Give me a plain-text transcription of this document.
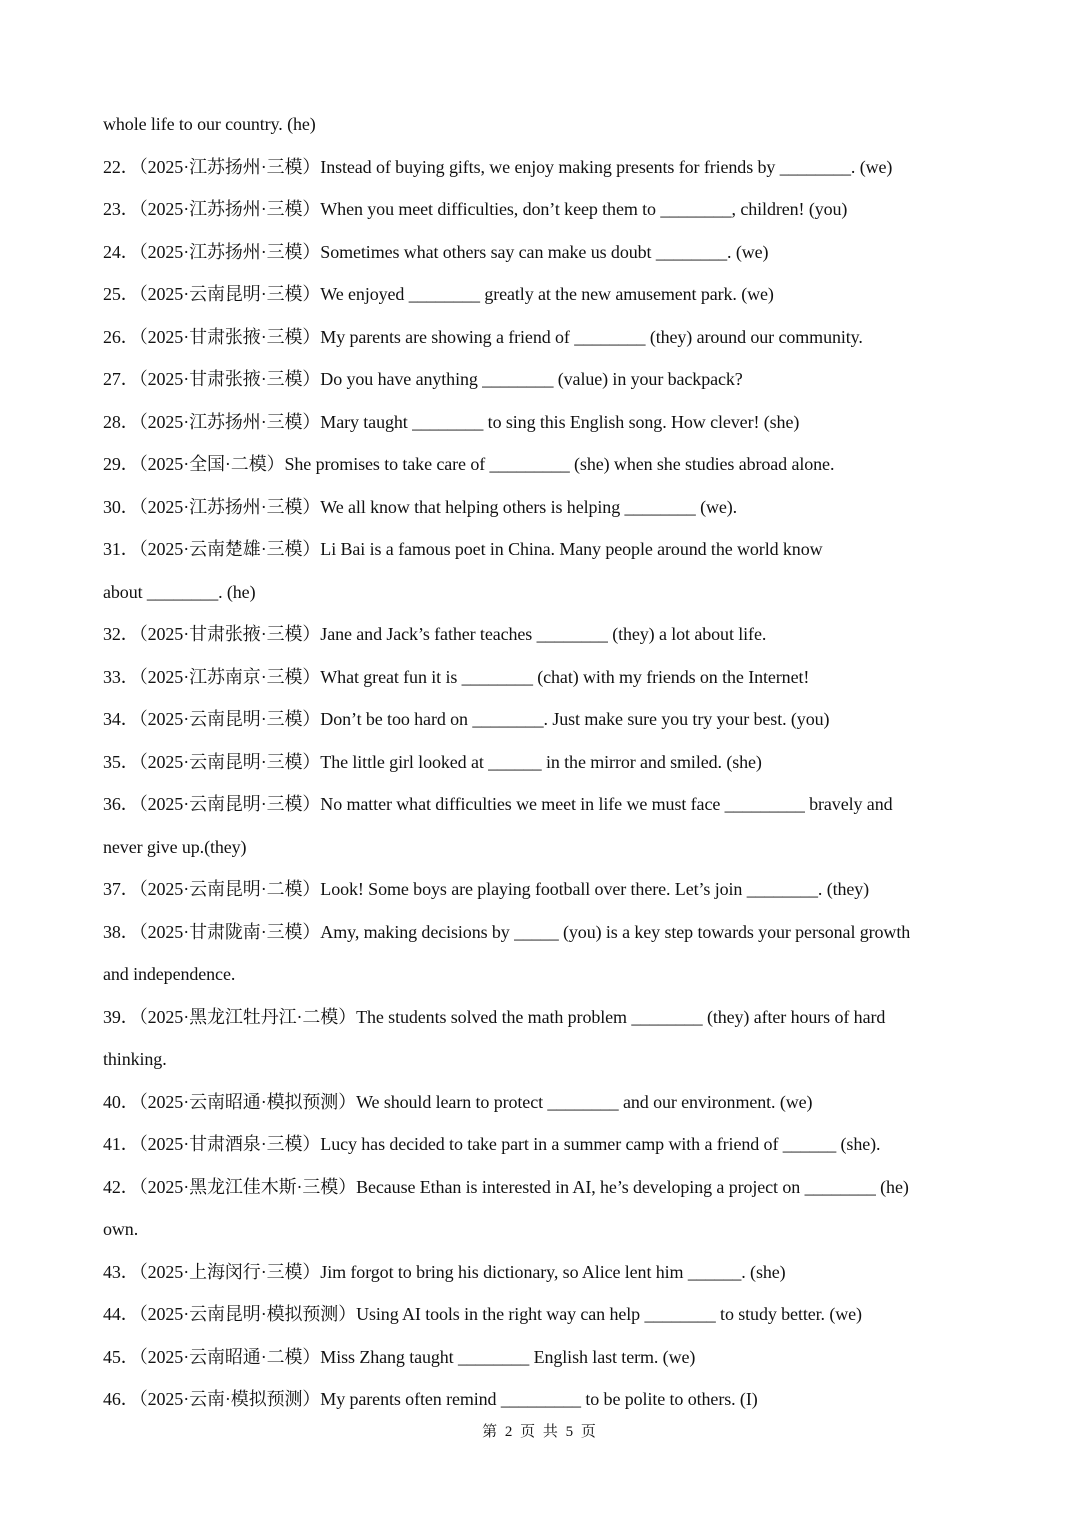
whole life to our country. (he)
22．（2025·江苏扬州·三模）Instead of buying gifts, we enjoy making presents for friends by ________. (we)
23．（2025·江苏扬州·三模）When you meet difficulties, don’t keep them to ________, children! (you)
24．（2025·江苏扬州·三模）Sometimes what others say can make us doubt ________. (we)
25．（2025·云南昆明·三模）We enjoyed ________ greatly at the new amusement park. (we)
26．（2025·甘肃张掖·三模）My parents are showing a friend of ________ (they) around our community.
27．（2025·甘肃张掖·三模）Do you have anything ________ (value) in your backpack?
28．（2025·江苏扬州·三模）Mary taught ________ to sing this English song. How clever! (she)
29．（2025·全国·二模）She promises to take care of _________ (she) when she studies abroad alone.
30．（2025·江苏扬州·三模）We all know that helping others is helping ________ (we).
31．（2025·云南楚雄·三模）Li Bai is a famous poet in China. Many people around the world know
about ________. (he)
32．（2025·甘肃张掖·三模）Jane and Jack’s father teaches ________ (they) a lot about life.
33．（2025·江苏南京·三模）What great fun it is ________ (chat) with my friends on the Internet!
34．（2025·云南昆明·三模）Don’t be too hard on ________. Just make sure you try your best. (you)
35．（2025·云南昆明·三模）The little girl looked at ______ in the mirror and smiled. (she)
36．（2025·云南昆明·三模）No matter what difficulties we meet in life we must face _________ bravely and
never give up.(they)
37．（2025·云南昆明·二模）Look! Some boys are playing football over there. Let’s join ________. (they)
38．（2025·甘肃陇南·三模）Amy, making decisions by _____ (you) is a key step towards your personal growth
and independence.
39．（2025·黑龙江牡丹江·二模）The students solved the math problem ________ (they) after hours of hard
thinking.
40．（2025·云南昭通·模拟预测）We should learn to protect ________ and our environment. (we)
41．（2025·甘肃酒泉·三模）Lucy has decided to take part in a summer camp with a friend of ______ (she).
42．（2025·黑龙江佳木斯·三模）Because Ethan is interested in AI, he’s developing a project on ________ (he)
own.
43．（2025·上海闵行·三模）Jim forgot to bring his dictionary, so Alice lent him ______. (she)
44．（2025·云南昆明·模拟预测）Using AI tools in the right way can help ________ to study better. (we)
45．（2025·云南昭通·二模）Miss Zhang taught ________ English last term. (we)
46．（2025·云南·模拟预测）My parents often remind _________ to be polite to others. (I)
第 2 页 共 5 页
